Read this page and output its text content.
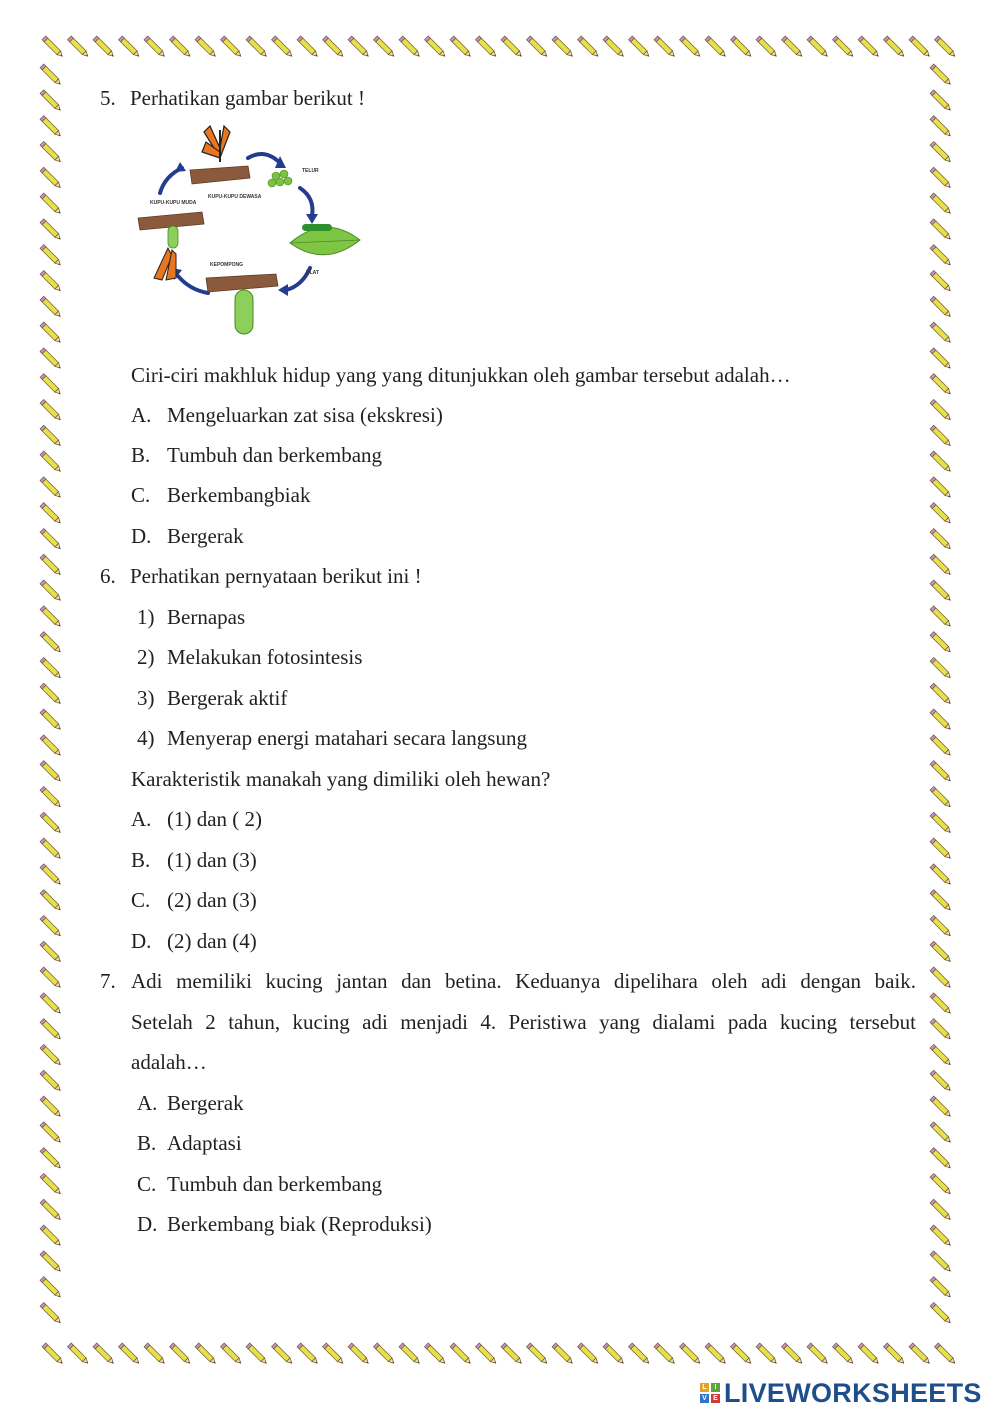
5. Perhatikan gambar berikut !
KUPU-KUPU DEWASA
TELUR
KUPU-KUPU MUDA
ULAT
KEPOMPONG
Ciri-ciri makhluk hidup yang yang ditunjukkan oleh gambar tersebut adalah…
A. Mengeluarkan zat sisa (ekskresi)
B. Tumbuh dan berkembang
C. Berkembangbiak
D. Bergerak
6. Perhatikan pernyataan berikut ini !
1) Bernapas
2) Melakukan fotosintesis
3) Bergerak aktif
4) Menyerap energi matahari secara langsung
Karakteristik manakah yang dimiliki oleh hewan?
A. (1) dan ( 2)
B. (1) dan (3)
C. (2) dan (3)
D. (2) dan (4)
7. Adi memiliki kucing jantan dan betina. Keduanya dipelihara oleh adi dengan baik.
Setelah 2 tahun, kucing adi menjadi 4. Peristiwa yang dialami pada kucing tersebut
adalah…
A. Bergerak
B. Adaptasi
C. Tumbuh dan berkembang
D. Berkembang biak (Reproduksi)
L	I
V E LIVEWORKSHEETS
